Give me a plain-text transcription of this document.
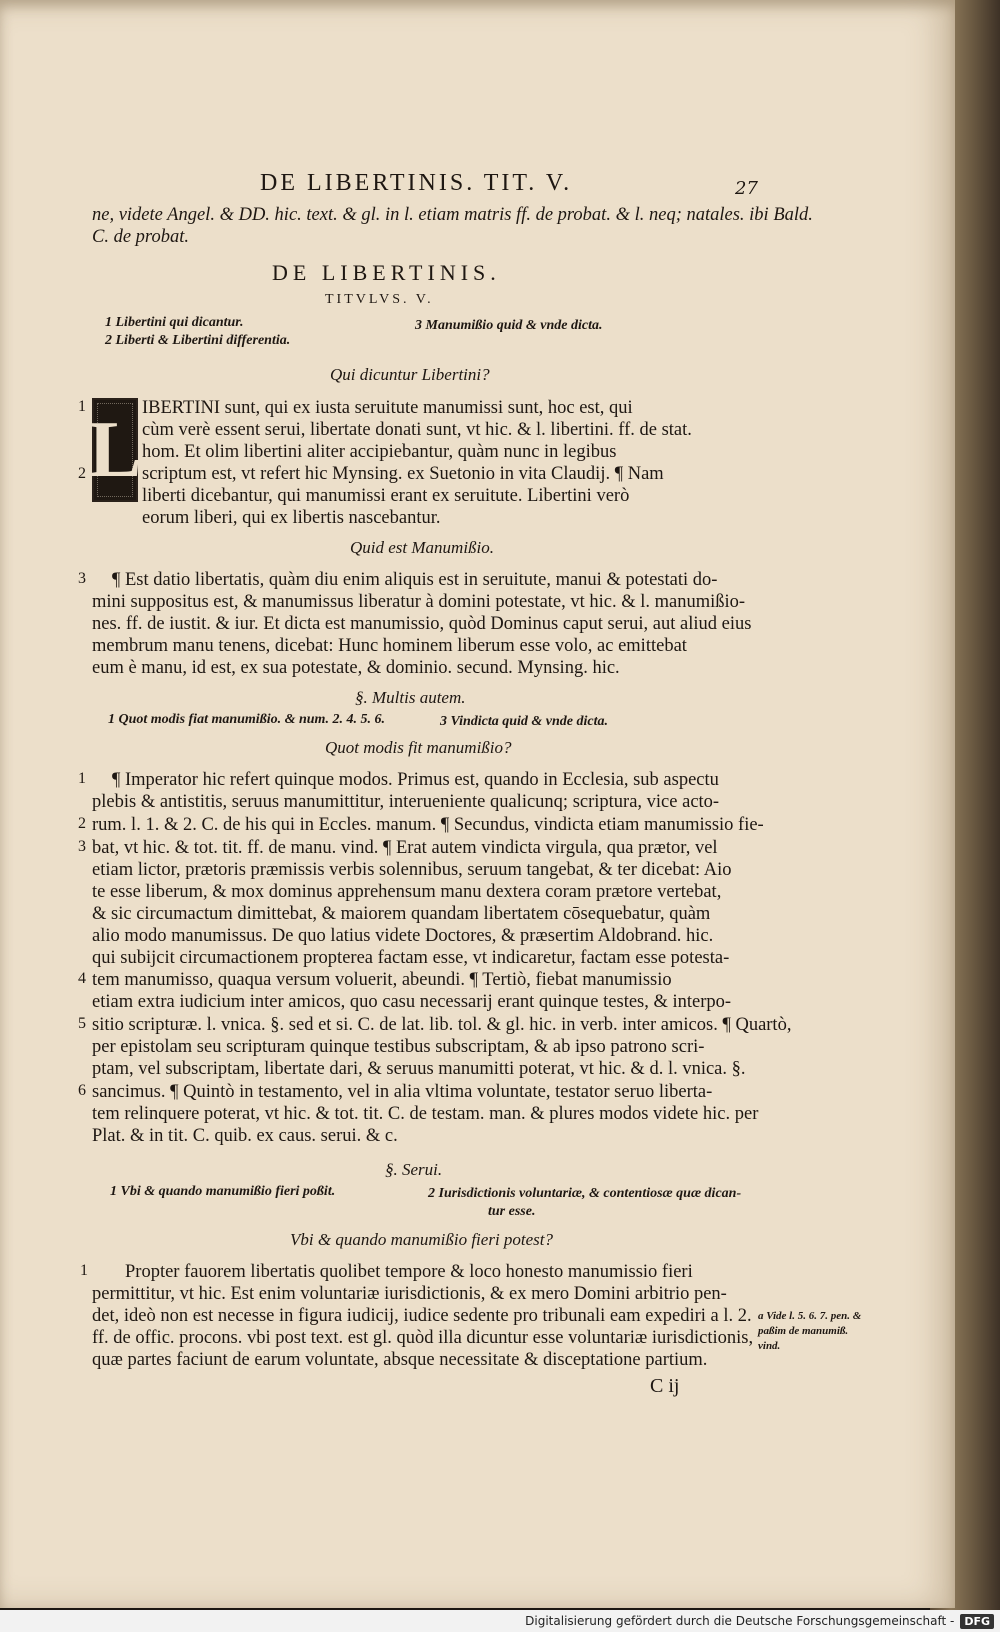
DE LIBERTINIS. TIT. V.	27
ne, videte Angel. & DD. hic. text. & gl. in l. etiam matris ff. de probat. & l. neq; natales. ibi Bald.
C. de probat.
DE LIBERTINIS.
TITVLVS. V.
1 Libertini qui dicantur.
2 Liberti & Libertini differentia.
3 Manumißio quid & vnde dicta.
Qui dicuntur Libertini?
L
1
2
IBERTINI sunt, qui ex iusta seruitute manumissi sunt, hoc est, qui
cùm verè essent serui, libertate donati sunt, vt hic. & l. libertini. ff. de stat.
hom. Et olim libertini aliter accipiebantur, quàm nunc in legibus
scriptum est, vt refert hic Mynsing. ex Suetonio in vita Claudij. ¶ Nam
liberti dicebantur, qui manumissi erant ex seruitute. Libertini verò
eorum liberi, qui ex libertis nascebantur.
Quid est Manumißio.
3 ¶ Est datio libertatis, quàm diu enim aliquis est in seruitute, manui & potestati do-
mini suppositus est, & manumissus liberatur à domini potestate, vt hic. & l. manumißio-
nes. ff. de iustit. & iur. Et dicta est manumissio, quòd Dominus caput serui, aut aliud eius
membrum manu tenens, dicebat: Hunc hominem liberum esse volo, ac emittebat
eum è manu, id est, ex sua potestate, & dominio. secund. Mynsing. hic.
§. Multis autem.
1 Quot modis fiat manumißio. & num. 2. 4. 5. 6.	3 Vindicta quid & vnde dicta.
Quot modis fit manumißio?
1
2
3
4
5
6
¶ Imperator hic refert quinque modos. Primus est, quando in Ecclesia, sub aspectu
plebis & antistitis, seruus manumittitur, interueniente qualicunq; scriptura, vice acto-
rum. l. 1. & 2. C. de his qui in Eccles. manum. ¶ Secundus, vindicta etiam manumissio fie-
bat, vt hic. & tot. tit. ff. de manu. vind. ¶ Erat autem vindicta virgula, qua prætor, vel
etiam lictor, prætoris præmissis verbis solennibus, seruum tangebat, & ter dicebat: Aio
te esse liberum, & mox dominus apprehensum manu dextera coram prætore vertebat,
& sic circumactum dimittebat, & maiorem quandam libertatem cōsequebatur, quàm
alio modo manumissus. De quo latius videte Doctores, & præsertim Aldobrand. hic.
qui subijcit circumactionem propterea factam esse, vt indicaretur, factam esse potesta-
tem manumisso, quaqua versum voluerit, abeundi. ¶ Tertiò, fiebat manumissio
etiam extra iudicium inter amicos, quo casu necessarij erant quinque testes, & interpo-
sitio scripturæ. l. vnica. §. sed et si. C. de lat. lib. tol. & gl. hic. in verb. inter amicos. ¶ Quartò,
per epistolam seu scripturam quinque testibus subscriptam, & ab ipso patrono scri-
ptam, vel subscriptam, libertate dari, & seruus manumitti poterat, vt hic. & d. l. vnica. §.
sancimus. ¶ Quintò in testamento, vel in alia vltima voluntate, testator seruo liberta-
tem relinquere poterat, vt hic. & tot. tit. C. de testam. man. & plures modos videte hic. per
Plat. & in tit. C. quib. ex caus. serui. & c.
§. Serui.
1 Vbi & quando manumißio fieri poßit.	2 Iurisdictionis voluntariæ, & contentiosæ quæ dican-
tur esse.
Vbi & quando manumißio fieri potest?
1 Propter fauorem libertatis quolibet tempore & loco honesto manumissio fieri
permittitur, vt hic. Est enim voluntariæ iurisdictionis, & ex mero Domini arbitrio pen-
det, ideò non est necesse in figura iudicij, iudice sedente pro tribunali eam expediri a l. 2.
ff. de offic. procons. vbi post text. est gl. quòd illa dicuntur esse voluntariæ iurisdictionis,
quæ partes faciunt de earum voluntate, absque necessitate & disceptatione partium.
a Vide l. 5. 6. 7. pen. &
paßim de manumiß.
vind.
C ij
Digitalisierung gefördert durch die Deutsche Forschungsgemeinschaft - DFG
